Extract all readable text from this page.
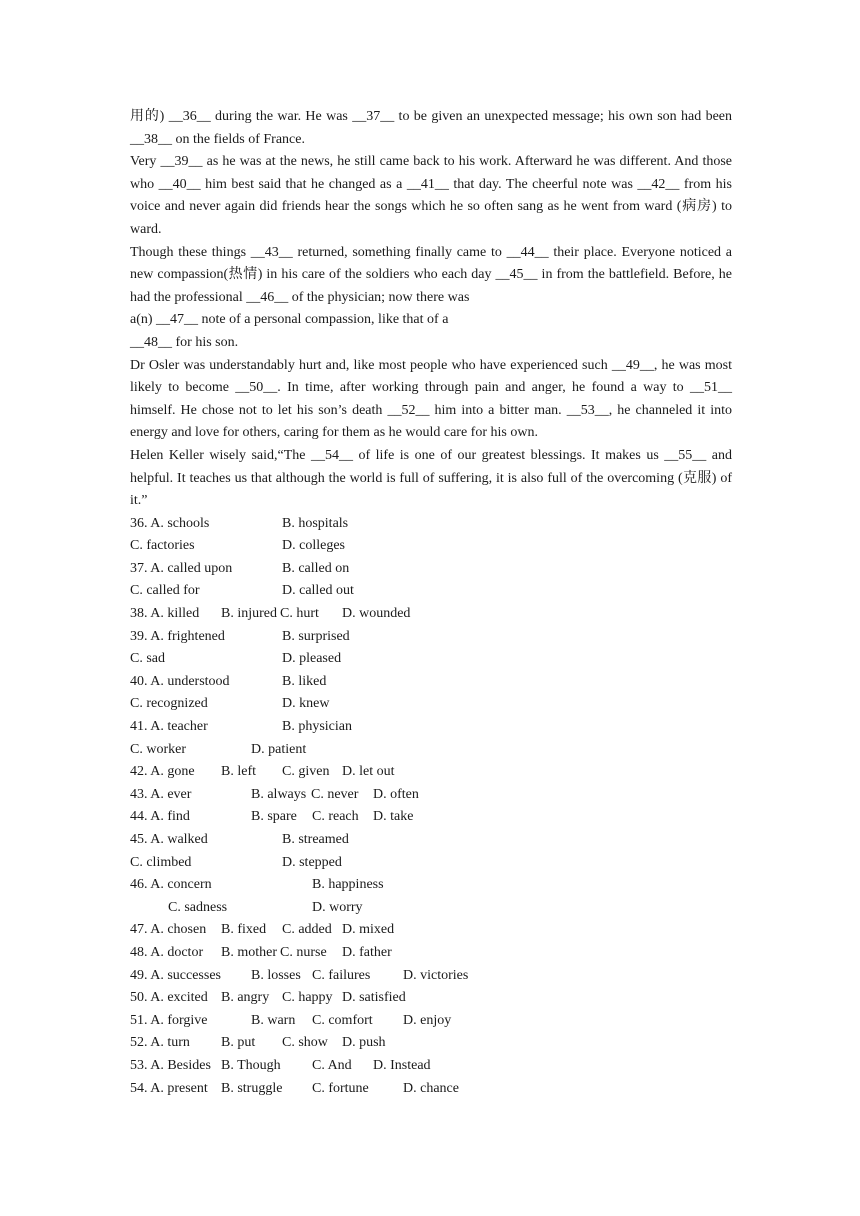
用的) __36__ during the war. He was __37__ to be given an unexpected message; his own son had been __38__ on the fields of France.

Very __39__ as he was at the news, he still came back to his work. Afterward he was different. And those who __40__ him best said that he changed as a __41__ that day. The cheerful note was __42__ from his voice and never again did friends hear the songs which he so often sang as he went from ward (病房) to ward.

Though these things __43__ returned, something finally came to __44__ their place. Everyone noticed a new compassion(热情) in his care of the soldiers who each day __45__ in from the battlefield. Before, he had the professional __46__ of the physician; now there was

a(n) __47__ note of a personal compassion, like that of a

__48__ for his son.

Dr Osler was understandably hurt and, like most people who have experienced such __49__, he was most likely to become __50__. In time, after working through pain and anger, he found a way to __51__ himself. He chose not to let his son’s death __52__ him into a bitter man. __53__, he channeled it into energy and love for others, caring for them as he would care for his own.

Helen Keller wisely said,“The __54__ of life is one of our greatest blessings. It makes us __55__ and helpful. It teaches us that although the world is full of suffering, it is also full of the overcoming (克服) of it.”

36. A. schools	B. hospitals
C. factories	D. colleges
37. A. called upon	B. called on
C. called for	D. called out
38. A. killed B. injured C. hurt D. wounded
39. A. frightened	B. surprised
C. sad	D. pleased
40. A. understood	B. liked
C. recognized	D. knew
41. A. teacher	B. physician
C. worker	D. patient
42. A. gone B. left C. given D. let out
43. A. ever	B. always C. never D. often
44. A. find	B. spare C. reach D. take
45. A. walked	B. streamed
C. climbed	D. stepped
46. A. concern	B. happiness
C. sadness	D. worry
47. A. chosen B. fixed C. added D. mixed
48. A. doctor B. mother C. nurse D. father
49. A. successes B. losses C. failures D. victories
50. A. excited B. angry C. happy D. satisfied
51. A. forgive	B. warn C. comfort D. enjoy
52. A. turn B. put C. show D. push
53. A. Besides B. Though C. And D. Instead
54. A. present B. struggle C. fortune D. chance
